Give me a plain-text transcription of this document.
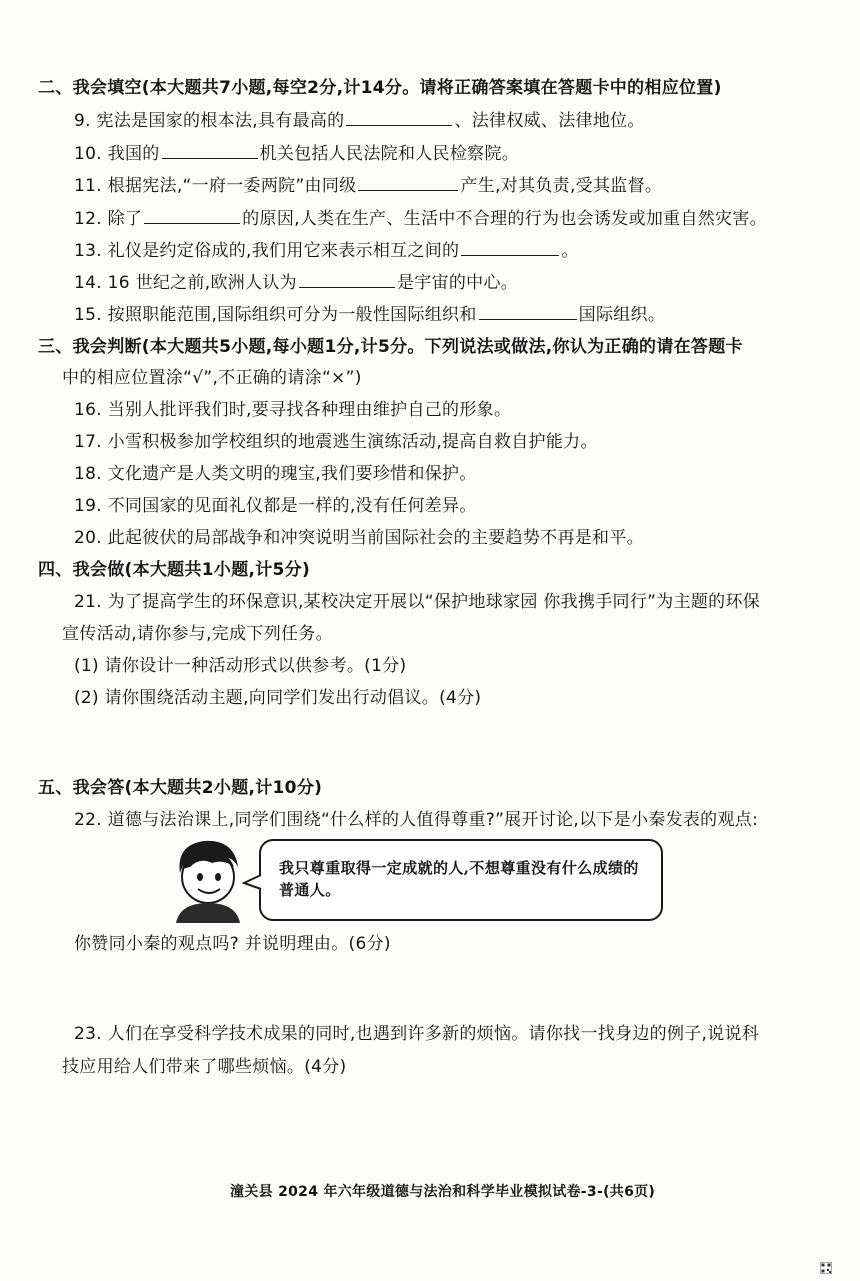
二、我会填空(本大题共7小题,每空2分,计14分。请将正确答案填在答题卡中的相应位置)
9. 宪法是国家的根本法,具有最高的	、法律权威、法律地位。
10. 我国的	机关包括人民法院和人民检察院。
11. 根据宪法,“一府一委两院”由同级	产生,对其负责,受其监督。
12. 除了	的原因,人类在生产、生活中不合理的行为也会诱发或加重自然灾害。
13. 礼仪是约定俗成的,我们用它来表示相互之间的	。
14. 16 世纪之前,欧洲人认为	是宇宙的中心。
15. 按照职能范围,国际组织可分为一般性国际组织和	国际组织。
三、我会判断(本大题共5小题,每小题1分,计5分。下列说法或做法,你认为正确的请在答题卡
中的相应位置涂“√”,不正确的请涂“×”)
16. 当别人批评我们时,要寻找各种理由维护自己的形象。
17. 小雪积极参加学校组织的地震逃生演练活动,提高自救自护能力。
18. 文化遗产是人类文明的瑰宝,我们要珍惜和保护。
19. 不同国家的见面礼仪都是一样的,没有任何差异。
20. 此起彼伏的局部战争和冲突说明当前国际社会的主要趋势不再是和平。
四、我会做(本大题共1小题,计5分)
21. 为了提高学生的环保意识,某校决定开展以“保护地球家园 你我携手同行”为主题的环保
宣传活动,请你参与,完成下列任务。
(1) 请你设计一种活动形式以供参考。(1分)
(2) 请你围绕活动主题,向同学们发出行动倡议。(4分)
五、我会答(本大题共2小题,计10分)
22. 道德与法治课上,同学们围绕“什么样的人值得尊重?”展开讨论,以下是小秦发表的观点:
我只尊重取得一定成就的人,不想尊重没有什么成绩的普通人。
你赞同小秦的观点吗? 并说明理由。(6分)
23. 人们在享受科学技术成果的同时,也遇到许多新的烦恼。请你找一找身边的例子,说说科
技应用给人们带来了哪些烦恼。(4分)
潼关县 2024 年六年级道德与法治和科学毕业模拟试卷-3-(共6页)
